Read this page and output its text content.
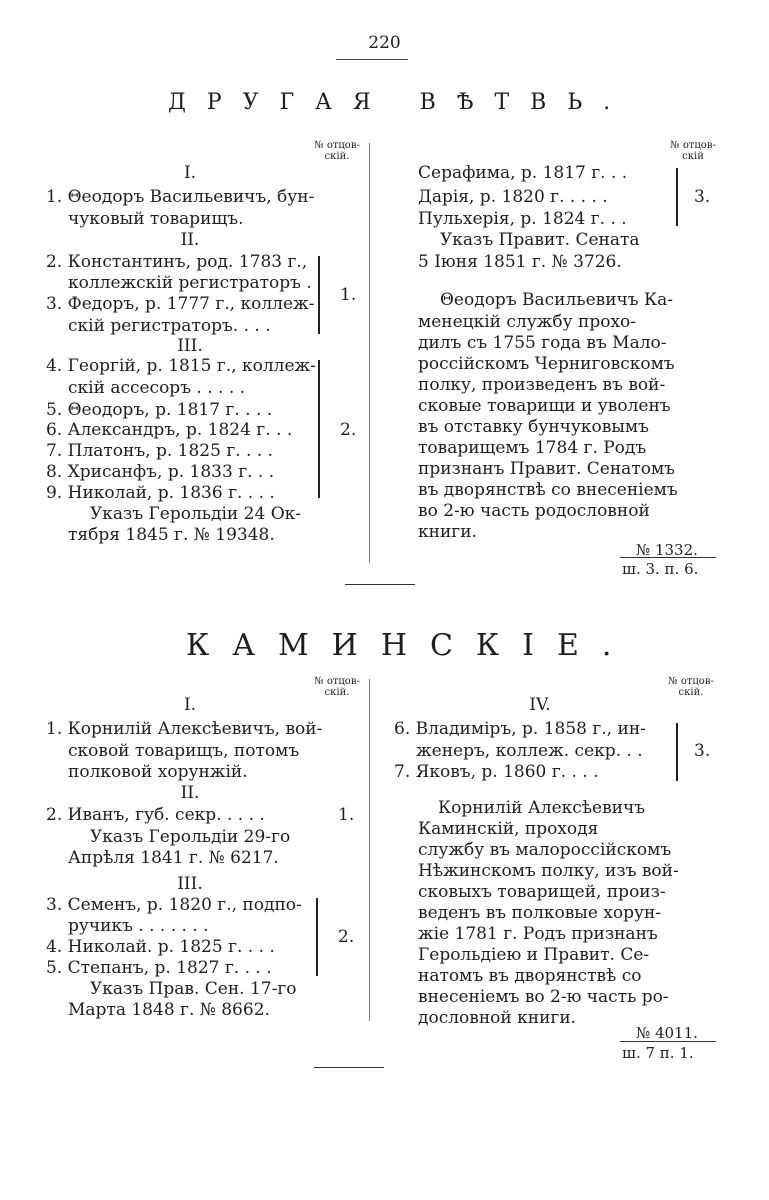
220
ДРУГАЯ ВѢТВЬ.
№ отцов-
скій.
№ отцов-
скій
I.
1. Θеодоръ Васильевичъ, бун-
чуковый товарищъ.
II.
2. Константинъ, род. 1783 г.,
коллежскій регистраторъ .
3. Федоръ, р. 1777 г., коллеж-
скій регистраторъ. . . .
1.
III.
4. Георгій, р. 1815 г., коллеж-
скій ассесоръ . . . . .
5. Θеодоръ, р. 1817 г. . . .
6. Александръ, р. 1824 г. . .
7. Платонъ, р. 1825 г. . . .
8. Хрисанфъ, р. 1833 г. . .
9. Николай, р. 1836 г. . . .
2.
Указъ Герольдіи 24 Ок-
тября 1845 г. № 19348.
Серафима, р. 1817 г. . .
Дарія, р. 1820 г. . . . .
Пульхерія, р. 1824 г. . .
3.
Указъ Правит. Сената
5 Іюня 1851 г. № 3726.
Θеодоръ Васильевичъ Ка-
менецкій службу прохо-
дилъ съ 1755 года въ Мало-
россійскомъ Черниговскомъ
полку, произведенъ въ вой-
сковые товарищи и уволенъ
въ отставку бунчуковымъ
товарищемъ 1784 г. Родъ
признанъ Правит. Сенатомъ
въ дворянствѣ со внесеніемъ
во 2-ю часть родословной
книги.
№ 1332.
ш. 3. п. 6.
КАМИНСКІЕ.
№ отцов-
скій.
№ отцов-
скій.
I.
1. Корнилій Алексѣевичъ, вой-
сковой товарищъ, потомъ
полковой хорунжій.
II.
2. Иванъ, губ. секр. . . . .	1.
Указъ Герольдіи 29-го
Апрѣля 1841 г. № 6217.
III.
3. Семенъ, р. 1820 г., подпо-
ручикъ . . . . . . .
4. Николай. р. 1825 г. . . .
5. Степанъ, р. 1827 г. . . .
2.
Указъ Прав. Сен. 17-го
Марта 1848 г. № 8662.
IV.
6. Владиміръ, р. 1858 г., ин-
женеръ, коллеж. секр. . .
7. Яковъ, р. 1860 г. . . .
3.
Корнилій Алексѣевичъ
Каминскій, проходя
службу въ малороссійскомъ
Нѣжинскомъ полку, изъ вой-
сковыхъ товарищей, произ-
веденъ въ полковые хорун-
жіе 1781 г. Родъ признанъ
Герольдіею и Правит. Се-
натомъ въ дворянствѣ со
внесеніемъ во 2-ю часть ро-
дословной книги.
№ 4011.
ш. 7 п. 1.
